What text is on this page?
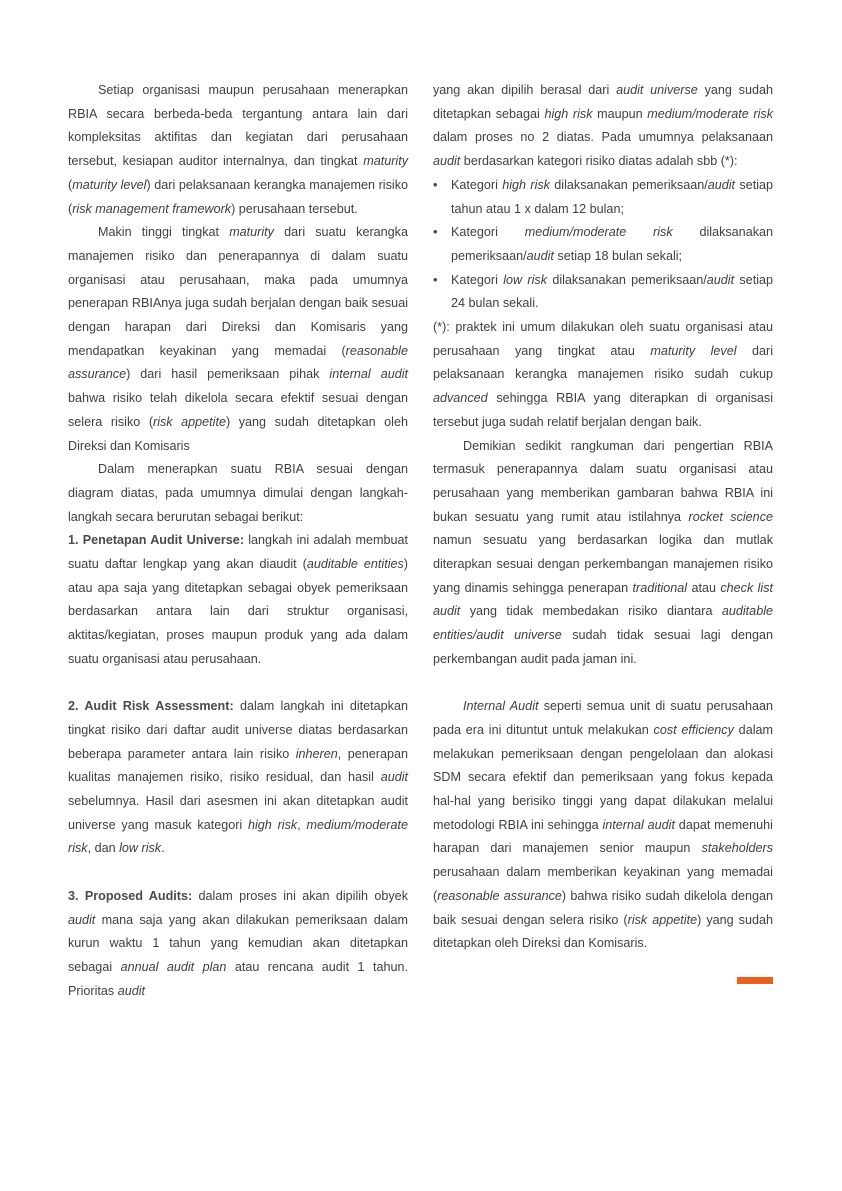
Setiap organisasi maupun perusahaan menerapkan RBIA secara berbeda-beda tergantung antara lain dari kompleksitas aktifitas dan kegiatan dari perusahaan tersebut, kesiapan auditor internalnya, dan tingkat maturity (maturity level) dari pelaksanaan kerangka manajemen risiko (risk management framework) perusahaan tersebut.

Makin tinggi tingkat maturity dari suatu kerangka manajemen risiko dan penerapannya di dalam suatu organisasi atau perusahaan, maka pada umumnya penerapan RBIAnya juga sudah berjalan dengan baik sesuai dengan harapan dari Direksi dan Komisaris yang mendapatkan keyakinan yang memadai (reasonable assurance) dari hasil pemeriksaan pihak internal audit bahwa risiko telah dikelola secara efektif sesuai dengan selera risiko (risk appetite) yang sudah ditetapkan oleh Direksi dan Komisaris

Dalam menerapkan suatu RBIA sesuai dengan diagram diatas, pada umumnya dimulai dengan langkah-langkah secara berurutan sebagai berikut:

1. Penetapan Audit Universe: langkah ini adalah membuat suatu daftar lengkap yang akan diaudit (auditable entities) atau apa saja yang ditetapkan sebagai obyek pemeriksaan berdasarkan antara lain dari struktur organisasi, aktitas/kegiatan, proses maupun produk yang ada dalam suatu organisasi atau perusahaan.

2. Audit Risk Assessment: dalam langkah ini ditetapkan tingkat risiko dari daftar audit universe diatas berdasarkan beberapa parameter antara lain risiko inheren, penerapan kualitas manajemen risiko, risiko residual, dan hasil audit sebelumnya. Hasil dari asesmen ini akan ditetapkan audit universe yang masuk kategori high risk, medium/moderate risk, dan low risk.

3. Proposed Audits: dalam proses ini akan dipilih obyek audit mana saja yang akan dilakukan pemeriksaan dalam kurun waktu 1 tahun yang kemudian akan ditetapkan sebagai annual audit plan atau rencana audit 1 tahun. Prioritas audit

yang akan dipilih berasal dari audit universe yang sudah ditetapkan sebagai high risk maupun medium/moderate risk dalam proses no 2 diatas. Pada umumnya pelaksanaan audit berdasarkan kategori risiko diatas adalah sbb (*):

• Kategori high risk dilaksanakan pemeriksaan/audit setiap tahun atau 1 x dalam 12 bulan;
• Kategori medium/moderate risk dilaksanakan pemeriksaan/audit setiap 18 bulan sekali;
• Kategori low risk dilaksanakan pemeriksaan/audit setiap 24 bulan sekali.

(*): praktek ini umum dilakukan oleh suatu organisasi atau perusahaan yang tingkat atau maturity level dari pelaksanaan kerangka manajemen risiko sudah cukup advanced sehingga RBIA yang diterapkan di organisasi tersebut juga sudah relatif berjalan dengan baik.

Demikian sedikit rangkuman dari pengertian RBIA termasuk penerapannya dalam suatu organisasi atau perusahaan yang memberikan gambaran bahwa RBIA ini bukan sesuatu yang rumit atau istilahnya rocket science namun sesuatu yang berdasarkan logika dan mutlak diterapkan sesuai dengan perkembangan manajemen risiko yang dinamis sehingga penerapan traditional atau check list audit yang tidak membedakan risiko diantara auditable entities/audit universe sudah tidak sesuai lagi dengan perkembangan audit pada jaman ini.

Internal Audit seperti semua unit di suatu perusahaan pada era ini dituntut untuk melakukan cost efficiency dalam melakukan pemeriksaan dengan pengelolaan dan alokasi SDM secara efektif dan pemeriksaan yang fokus kepada hal-hal yang berisiko tinggi yang dapat dilakukan melalui metodologi RBIA ini sehingga internal audit dapat memenuhi harapan dari manajemen senior maupun stakeholders perusahaan dalam memberikan keyakinan yang memadai (reasonable assurance) bahwa risiko sudah dikelola dengan baik sesuai dengan selera risiko (risk appetite) yang sudah ditetapkan oleh Direksi dan Komisaris.
